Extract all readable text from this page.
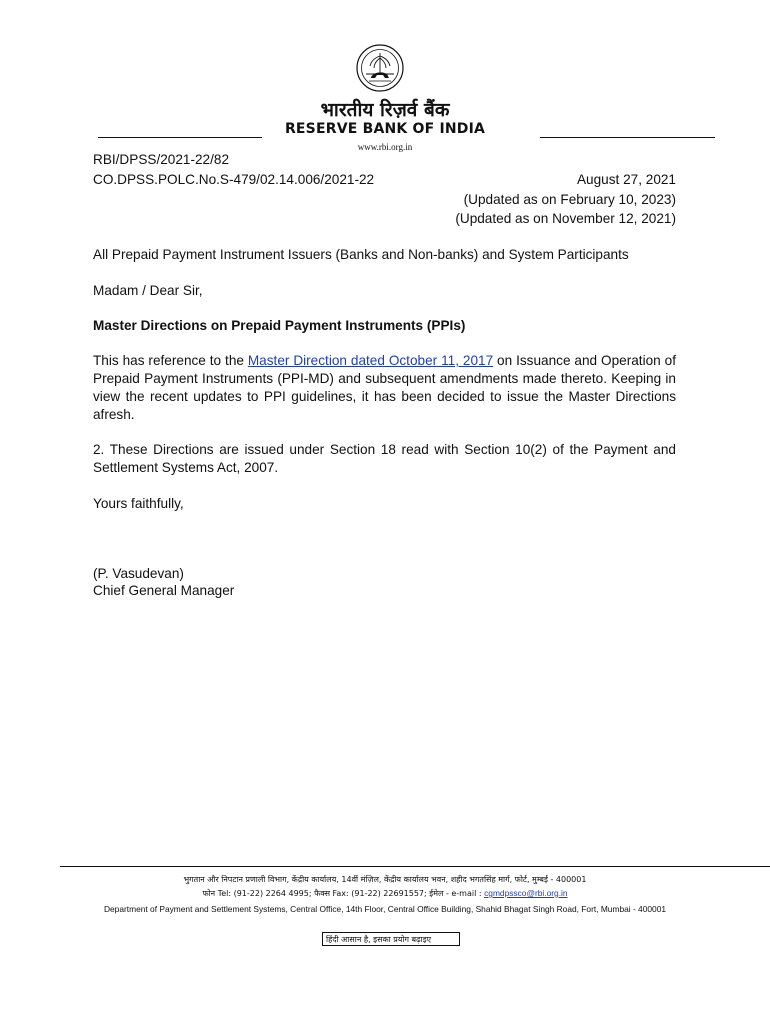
भारतीय रिज़र्व बैंक
RESERVE BANK OF INDIA
www.rbi.org.in
RBI/DPSS/2021-22/82
CO.DPSS.POLC.No.S-479/02.14.006/2021-22	August 27, 2021
(Updated as on February 10, 2023)
(Updated as on November 12, 2021)
All Prepaid Payment Instrument Issuers (Banks and Non-banks) and System Participants
Madam / Dear Sir,
Master Directions on Prepaid Payment Instruments (PPIs)
This has reference to the Master Direction dated October 11, 2017 on Issuance and Operation of Prepaid Payment Instruments (PPI-MD) and subsequent amendments made thereto. Keeping in view the recent updates to PPI guidelines, it has been decided to issue the Master Directions afresh.
2. These Directions are issued under Section 18 read with Section 10(2) of the Payment and Settlement Systems Act, 2007.
Yours faithfully,
(P. Vasudevan)
Chief General Manager
भुगतान और निपटान प्रणाली विभाग, केंद्रीय कार्यालय, 14वीं मंज़िल, केंद्रीय कार्यालय भवन, शहीद भगतसिंह मार्ग, फोर्ट, मुम्बई - 400001
फोन Tel: (91-22) 2264 4995; फैक्स Fax: (91-22) 22691557; ईमेल - e-mail : cgmdpssco@rbi.org.in
Department of Payment and Settlement Systems, Central Office, 14th Floor, Central Office Building, Shahid Bhagat Singh Road, Fort, Mumbai - 400001
हिंदी आसान है, इसका प्रयोग बढ़ाइए
